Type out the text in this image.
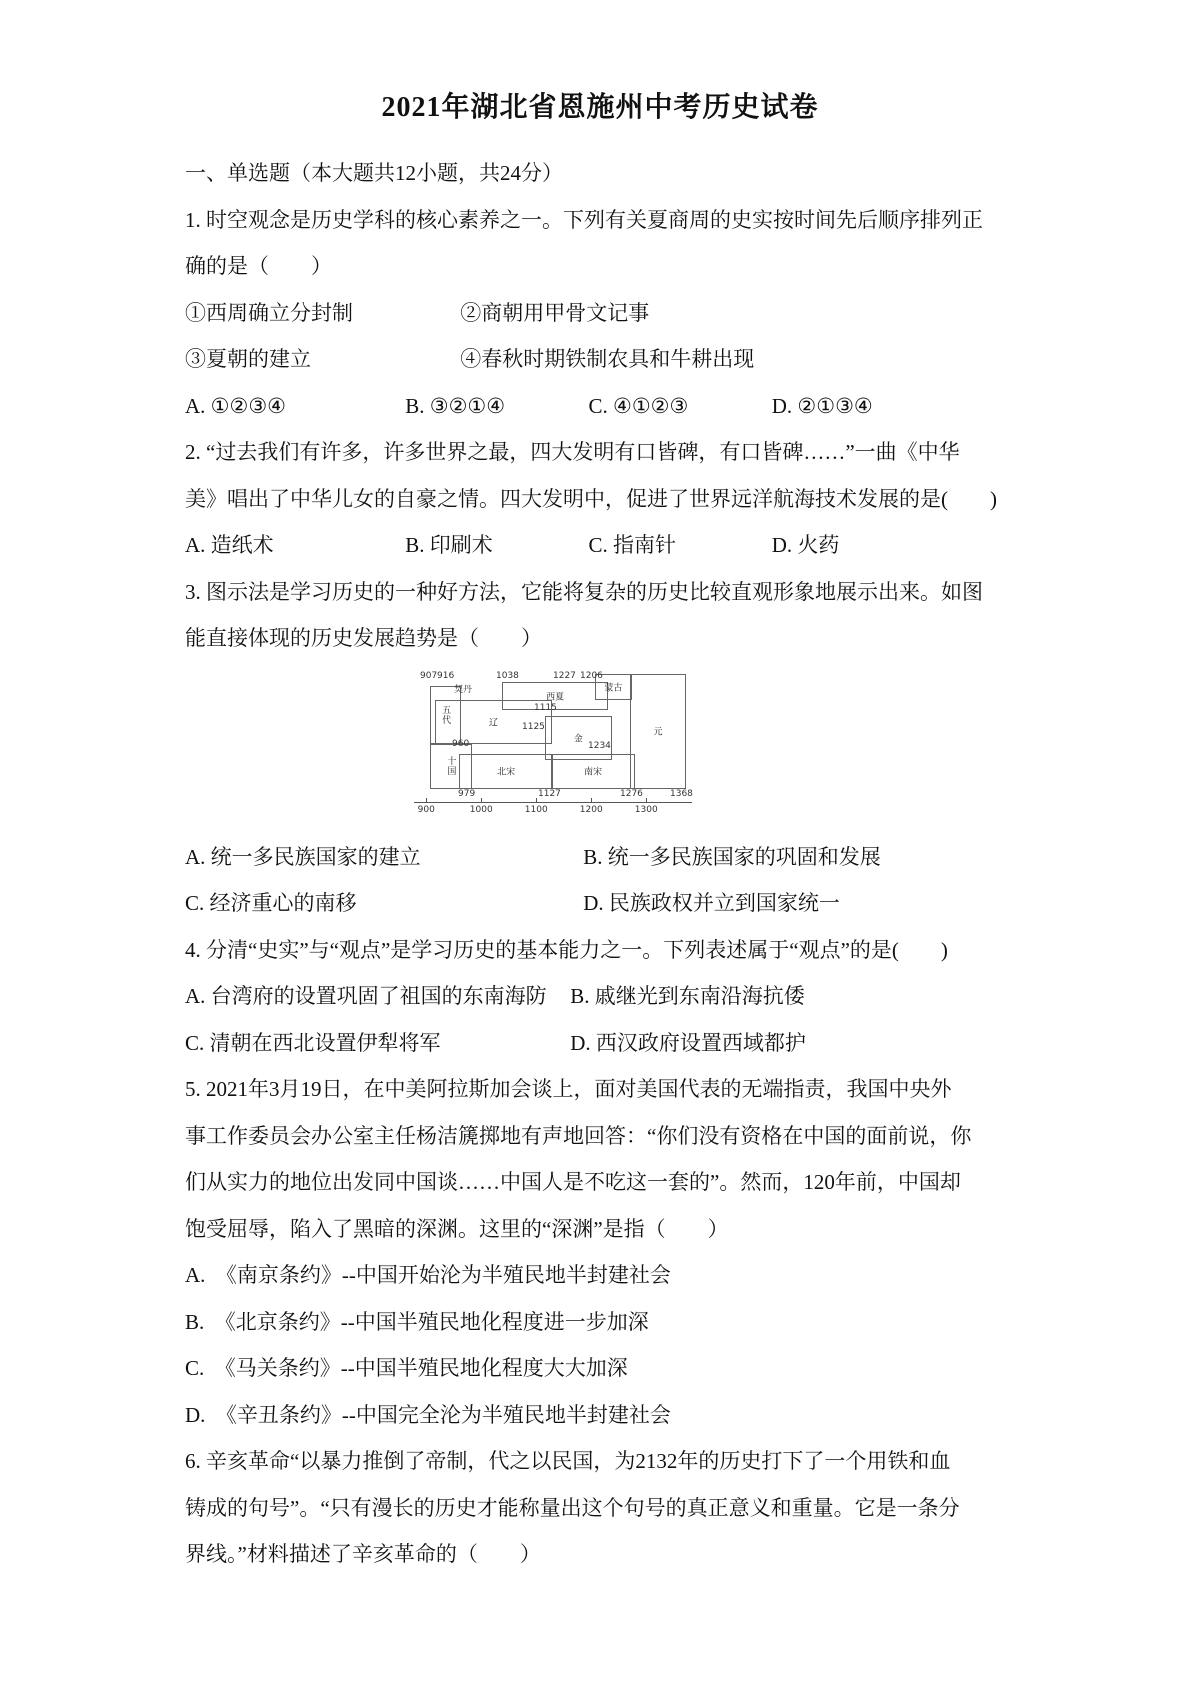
2021年湖北省恩施州中考历史试卷
一、单选题（本大题共12小题，共24分）
1. 时空观念是历史学科的核心素养之一。下列有关夏商周的史实按时间先后顺序排列正
确的是（　　）
①西周确立分封制	②商朝用甲骨文记事
③夏朝的建立	④春秋时期铁制农具和牛耕出现
A. ①②③④	B. ③②①④	C. ④①②③	D. ②①③④
2. “过去我们有许多，许多世界之最，四大发明有口皆碑，有口皆碑……”一曲《中华
美》唱出了中华儿女的自豪之情。四大发明中，促进了世界远洋航海技术发展的是(　　)
A. 造纸术	B. 印刷术	C. 指南针	D. 火药
3. 图示法是学习历史的一种好方法，它能将复杂的历史比较直观形象地展示出来。如图
能直接体现的历史发展趋势是（　　）
五代	辽
西夏
金
蒙古
元
十国	北宋	南宋
907 916
契丹
1038	1227 1206
1115
1125
1234
960
979	1127	1276	1368
900	1000	1100	1200	1300
A. 统一多民族国家的建立	B. 统一多民族国家的巩固和发展
C. 经济重心的南移	D. 民族政权并立到国家统一
4. 分清“史实”与“观点”是学习历史的基本能力之一。下列表述属于“观点”的是(　　)
A. 台湾府的设置巩固了祖国的东南海防 B. 戚继光到东南沿海抗倭
C. 清朝在西北设置伊犁将军	D. 西汉政府设置西域都护
5. 2021年3月19日，在中美阿拉斯加会谈上，面对美国代表的无端指责，我国中央外
事工作委员会办公室主任杨洁篪掷地有声地回答：“你们没有资格在中国的面前说，你
们从实力的地位出发同中国谈……中国人是不吃这一套的”。然而，120年前，中国却
饱受屈辱，陷入了黑暗的深渊。这里的“深渊”是指（　　）
A.　《南京条约》--中国开始沦为半殖民地半封建社会
B.　《北京条约》--中国半殖民地化程度进一步加深
C.　《马关条约》--中国半殖民地化程度大大加深
D.　《辛丑条约》--中国完全沦为半殖民地半封建社会
6. 辛亥革命“以暴力推倒了帝制，代之以民国，为2132年的历史打下了一个用铁和血
铸成的句号”。“只有漫长的历史才能称量出这个句号的真正意义和重量。它是一条分
界线。”材料描述了辛亥革命的（　　）
